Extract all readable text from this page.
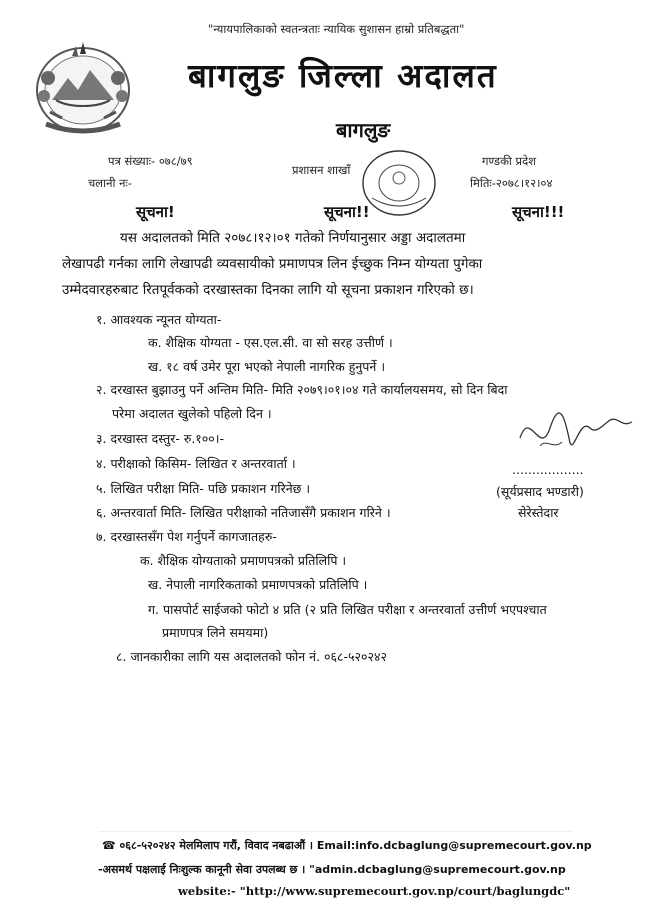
"न्यायपालिकाको स्वतन्त्रताः न्यायिक सुशासन हाम्रो प्रतिबद्धता"
बागलुङ जिल्ला अदालत
बागलुङ
पत्र संख्याः- ०७८/७९
चलानी नः-
प्रशासन शाखाँ
गण्डकी प्रदेश
मितिः-२०७८।१२।०४
सूचना!	सूचना!!	सूचना!!!
यस अदालतको मिति २०७८।१२।०१ गतेको निर्णयानुसार अड्डा अदालतमा
लेखापढी गर्नका लागि लेखापढी व्यवसायीको प्रमाणपत्र लिन ईच्छुक निम्न योग्यता पुगेका
उम्मेदवारहरुबाट रितपूर्वकको दरखास्तका दिनका लागि यो सूचना प्रकाशन गरिएको छ।
१. आवश्यक न्यूनत योग्यता-
क. शैक्षिक योग्यता - एस.एल.सी. वा सो सरह उत्तीर्ण ।
ख. १८ वर्ष उमेर पूरा भएको नेपाली नागरिक हुनुपर्ने ।
२. दरखास्त बुझाउनु पर्ने अन्तिम मिति- मिति २०७९।०१।०४ गते कार्यालयसमय, सो दिन बिदा
परेमा अदालत खुलेको पहिलो दिन ।
३. दरखास्त दस्तुर- रु.१००।-
४. परीक्षाको किसिम- लिखित र अन्तरवार्ता ।
५. लिखित परीक्षा मिति- पछि प्रकाशन गरिनेछ ।
६. अन्तरवार्ता मिति- लिखित परीक्षाको नतिजासँगै प्रकाशन गरिने ।
७. दरखास्तसँग पेश गर्नुपर्ने कागजातहरु-
क. शैक्षिक योग्यताको प्रमाणपत्रको प्रतिलिपि ।
ख. नेपाली नागरिकताको प्रमाणपत्रको प्रतिलिपि ।
ग. पासपोर्ट साईजको फोटो ४ प्रति (२ प्रति लिखित परीक्षा र अन्तरवार्ता उत्तीर्ण भएपश्चात
प्रमाणपत्र लिने समयमा)
८. जानकारीका लागि यस अदालतको फोन नं. ०६८-५२०२४२
..................
(सूर्यप्रसाद भण्डारी)
सेरेस्तेदार
☎ ०६८-५२०२४२ मेलमिलाप गरौं, विवाद नबढाऔं । Email:info.dcbaglung@supremecourt.gov.np
-असमर्थ पक्षलाई निःशुल्क कानूनी सेवा उपलब्ध छ । "admin.dcbaglung@supremecourt.gov.np
website:- "http://www.supremecourt.gov.np/court/baglungdc"
